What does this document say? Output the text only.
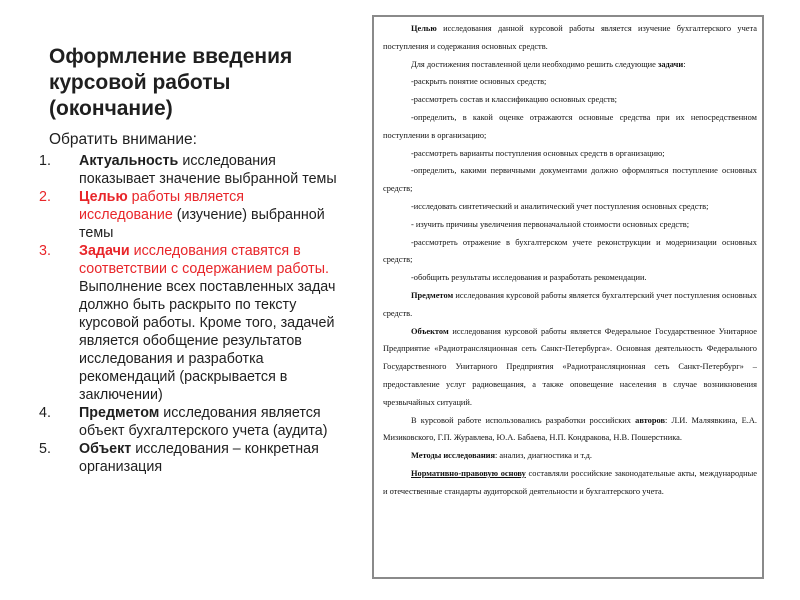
Оформление введения курсовой работы (окончание)
Обратить внимание:
1.	Актуальность исследования показывает значение выбранной темы
2.	Целью работы является исследование (изучение) выбранной темы
3.	Задачи исследования ставятся в соответствии с содержанием работы. Выполнение всех поставленных задач должно быть раскрыто по тексту курсовой работы. Кроме того, задачей является обобщение результатов исследования и разработка рекомендаций (раскрывается в заключении)
4.	Предметом исследования является объект бухгалтерского учета (аудита)
5.	Объект исследования – конкретная организация

Целью исследования данной курсовой работы является изучение бухгалтерского учета поступления и содержания основных средств.

Для достижения поставленной цели необходимо решить следующие задачи:

-раскрыть понятие основных средств;

-рассмотреть состав и классификацию основных средств;

-определить, в какой оценке отражаются основные средства при их непосредственном поступлении в организацию;

-рассмотреть варианты поступления основных средств в организацию;

-определить, какими первичными документами должно оформляться поступление основных средств;

-исследовать синтетический и аналитический учет поступления основных средств;

- изучить причины увеличения первоначальной стоимости основных средств;

-рассмотреть отражение в бухгалтерском учете реконструкции и модернизации основных средств;

-обобщить результаты исследования и разработать рекомендации.

Предметом исследования курсовой работы является бухгалтерский учет поступления основных средств.

Объектом исследования курсовой работы является Федеральное Государственное Унитарное Предприятие «Радиотрансляционная сеть Санкт-Петербурга». Основная деятельность Федерального Государственного Унитарного Предприятия «Радиотрансляционная сеть Санкт-Петербург» – предоставление услуг радиовещания, а также оповещение населения в случае возникновения чрезвычайных ситуаций.

В курсовой работе использовались разработки российских авторов: Л.И. Маляявкина, Е.А. Мизиковского, Г.П. Журавлева, Ю.А. Бабаева, Н.П. Кондракова, Н.В. Пошерстника.

Методы исследования: анализ, диагностика и т.д.

Нормативно-правовую основу составляли российские законодательные акты, международные и отечественные стандарты аудиторской деятельности и бухгалтерского учета.
